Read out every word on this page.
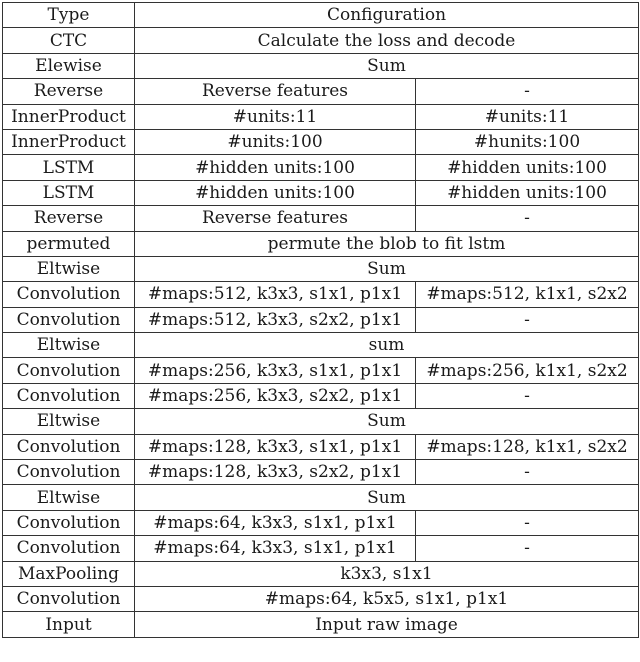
Type	Configuration	
CTC	Calculate the loss and decode	
Elewise	Sum	
Reverse	Reverse features	-
InnerProduct	#units:11	#units:11
InnerProduct	#units:100	#hunits:100
LSTM	#hidden units:100	#hidden units:100
LSTM	#hidden units:100	#hidden units:100
Reverse	Reverse features	-
permuted	permute the blob to fit lstm	
Eltwise	Sum	
Convolution	#maps:512, k3x3, s1x1, p1x1	#maps:512, k1x1, s2x2
Convolution	#maps:512, k3x3, s2x2, p1x1	-
Eltwise	sum	
Convolution	#maps:256, k3x3, s1x1, p1x1	#maps:256, k1x1, s2x2
Convolution	#maps:256, k3x3, s2x2, p1x1	-
Eltwise	Sum	
Convolution	#maps:128, k3x3, s1x1, p1x1	#maps:128, k1x1, s2x2
Convolution	#maps:128, k3x3, s2x2, p1x1	-
Eltwise	Sum	
Convolution	#maps:64, k3x3, s1x1, p1x1	-
Convolution	#maps:64, k3x3, s1x1, p1x1	-
MaxPooling	k3x3, s1x1	
Convolution	#maps:64, k5x5, s1x1, p1x1	
Input	Input raw image	
